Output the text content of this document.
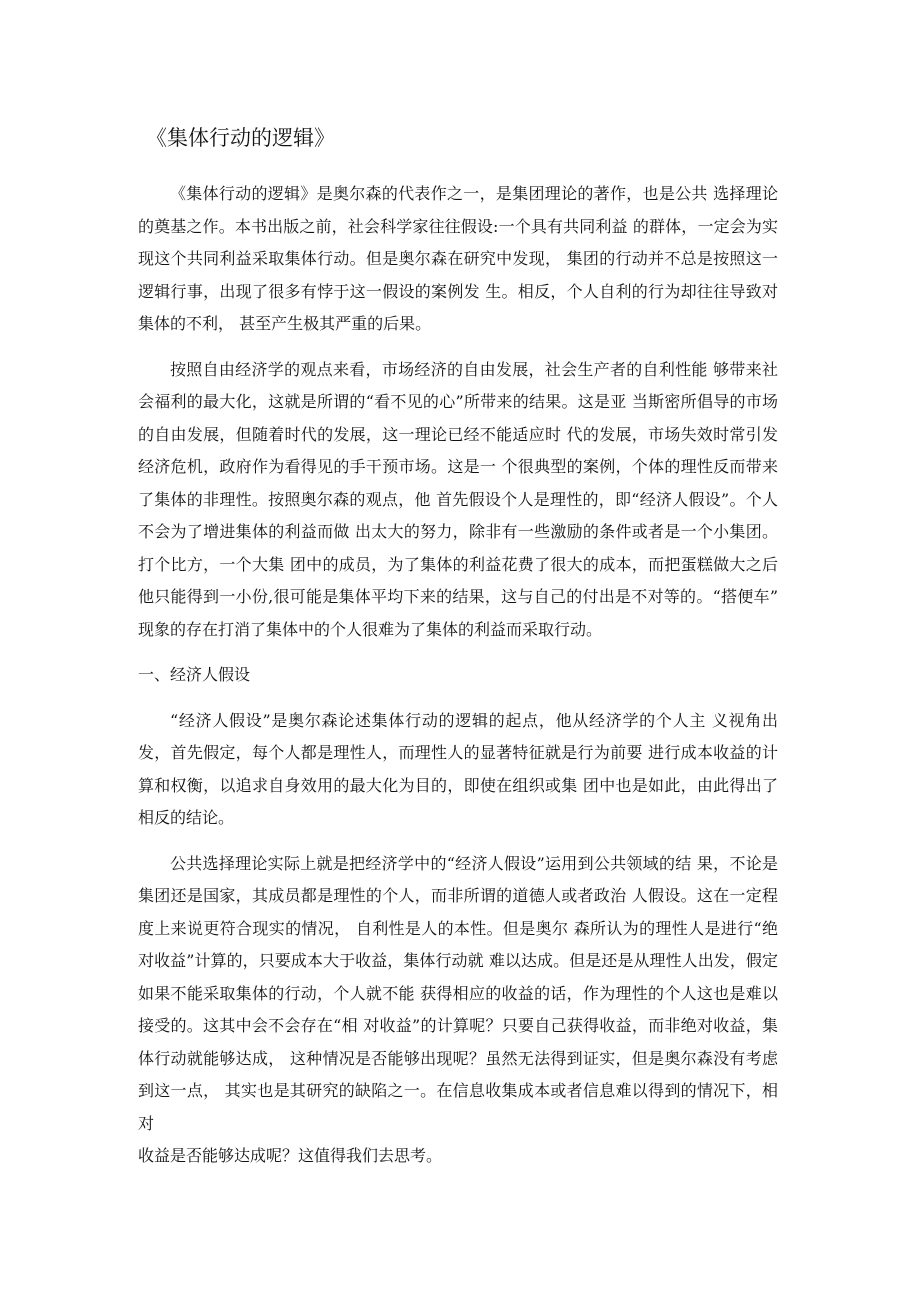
《集体行动的逻辑》

《集体行动的逻辑》是奥尔森的代表作之一，是集团理论的著作，也是公共 选择理论的奠基之作。本书出版之前，社会科学家往往假设:一个具有共同利益 的群体，一定会为实现这个共同利益采取集体行动。但是奥尔森在研究中发现， 集团的行动并不总是按照这一逻辑行事，出现了很多有悖于这一假设的案例发 生。相反，个人自利的行为却往往导致对集体的不利， 甚至产生极其严重的后果。

按照自由经济学的观点来看，市场经济的自由发展，社会生产者的自利性能 够带来社会福利的最大化，这就是所谓的“看不见的心”所带来的结果。这是亚 当斯密所倡导的市场的自由发展，但随着时代的发展，这一理论已经不能适应时 代的发展，市场失效时常引发经济危机，政府作为看得见的手干预市场。这是一 个很典型的案例，个体的理性反而带来了集体的非理性。按照奥尔森的观点，他 首先假设个人是理性的，即“经济人假设”。个人不会为了增进集体的利益而做 出太大的努力，除非有一些激励的条件或者是一个小集团。 打个比方，一个大集 团中的成员，为了集体的利益花费了很大的成本，而把蛋糕做大之后他只能得到一小份,很可能是集体平均下来的结果，这与自己的付出是不对等的。“搭便车” 现象的存在打消了集体中的个人很难为了集体的利益而采取行动。

一、经济人假设

“经济人假设”是奥尔森论述集体行动的逻辑的起点，他从经济学的个人主 义视角出发，首先假定，每个人都是理性人，而理性人的显著特征就是行为前要 进行成本收益的计算和权衡，以追求自身效用的最大化为目的，即使在组织或集 团中也是如此，由此得出了相反的结论。

公共选择理论实际上就是把经济学中的“经济人假设”运用到公共领域的结 果，不论是集团还是国家，其成员都是理性的个人，而非所谓的道德人或者政治 人假设。这在一定程度上来说更符合现实的情况， 自利性是人的本性。但是奥尔 森所认为的理性人是进行“绝对收益”计算的，只要成本大于收益，集体行动就 难以达成。但是还是从理性人出发，假定如果不能采取集体的行动，个人就不能 获得相应的收益的话，作为理性的个人这也是难以接受的。这其中会不会存在“相 对收益”的计算呢？只要自己获得收益，而非绝对收益，集体行动就能够达成， 这种情况是否能够出现呢？虽然无法得到证实，但是奥尔森没有考虑到这一点， 其实也是其研究的缺陷之一。在信息收集成本或者信息难以得到的情况下，相对

收益是否能够达成呢？这值得我们去思考。
